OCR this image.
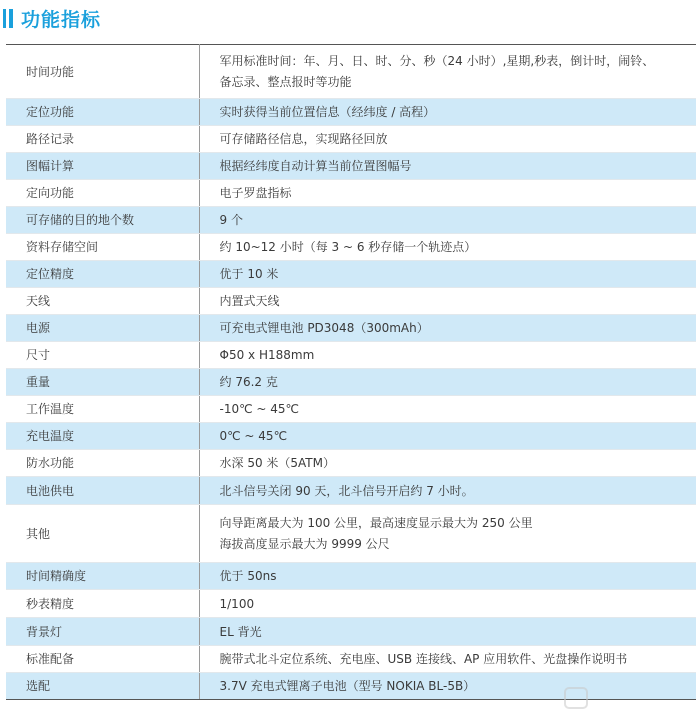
功能指标
时间功能	军用标准时间：年、月、日、时、分、秒（24 小时）,星期,秒表，倒计时，闹铃、
备忘录、整点报时等功能

定位功能	实时获得当前位置信息（经纬度 / 高程）

路径记录	可存储路径信息，实现路径回放

图幅计算	根据经纬度自动计算当前位置图幅号

定向功能	电子罗盘指标

可存储的目的地个数	9 个

资料存储空间	约 10~12 小时（每 3 ~ 6 秒存储一个轨迹点）

定位精度	优于 10 米

天线	内置式天线

电源	可充电式锂电池 PD3048（300mAh）

尺寸	Φ50 x H188mm

重量	约 76.2 克

工作温度	-10℃ ~ 45℃

充电温度	0℃ ~ 45℃

防水功能	水深 50 米（5ATM）

电池供电	北斗信号关闭 90 天，北斗信号开启约 7 小时。

其他	向导距离最大为 100 公里，最高速度显示最大为 250 公里
海拔高度显示最大为 9999 公尺

时间精确度	优于 50ns

秒表精度	1/100

背景灯	EL 背光

标准配备	腕带式北斗定位系统、充电座、USB 连接线、AP 应用软件、光盘操作说明书

选配	3.7V 充电式锂离子电池（型号 NOKIA BL-5B）
